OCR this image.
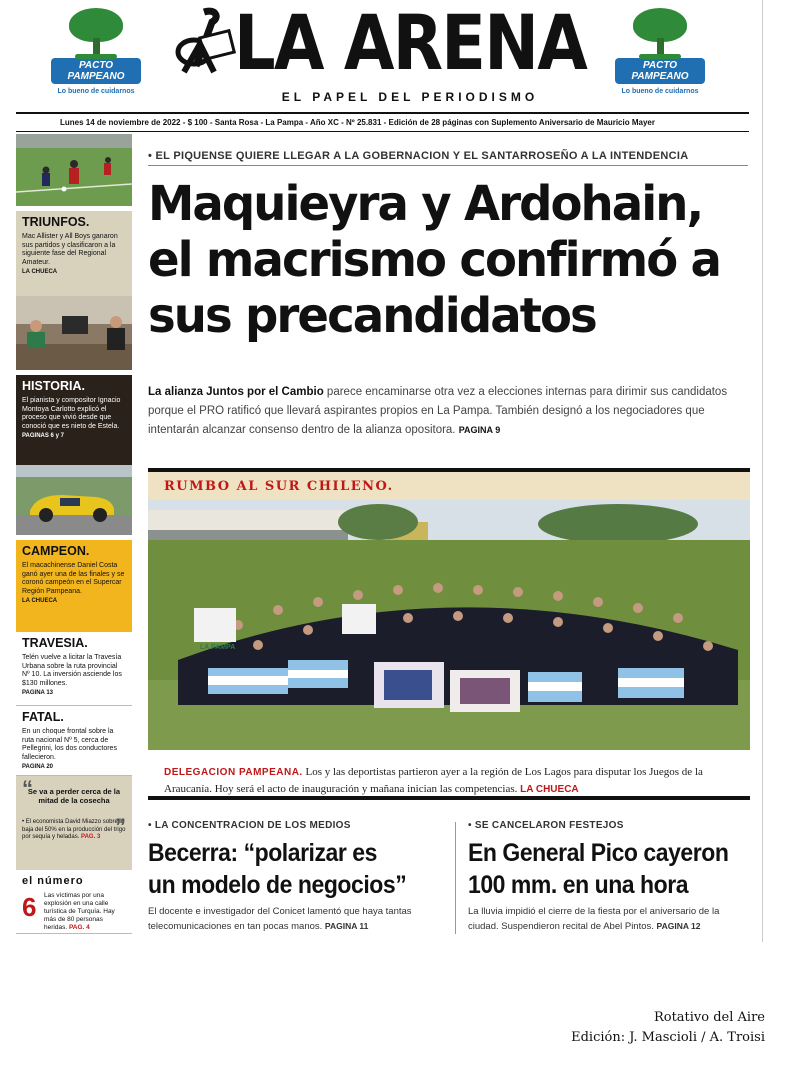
PACTO PAMPEANO
Lo bueno de cuidarnos
PACTO PAMPEANO
Lo bueno de cuidarnos
LA ARENA
EL PAPEL DEL PERIODISMO
Lunes 14 de noviembre de 2022 - $ 100 - Santa Rosa - La Pampa - Año XC - Nº 25.831 - Edición de 28 páginas con Suplemento Aniversario de Mauricio Mayer
TRIUNFOS.

Mac Allister y All Boys ganaron sus partidos y clasificaron a la siguiente fase del Regional Amateur.

LA CHUECA
HISTORIA.

El pianista y compositor Ignacio Montoya Carlotto explicó el proceso que vivió desde que conoció que es nieto de Estela.

PAGINAS 6 y 7
CAMPEON.

El macachinense Daniel Costa ganó ayer una de las finales y se coronó campeón en el Supercar Región Pampeana.

LA CHUECA
TRAVESIA.

Telén vuelve a licitar la Travesía Urbana sobre la ruta provincial Nº 10. La inversión asciende los $130 millones.

PAGINA 13
FATAL.

En un choque frontal sobre la ruta nacional Nº 5, cerca de Pellegrini, los dos conductores fallecieron.

PAGINA 20
“

Se va a perder cerca de la mitad de la cosecha

”

• El economista David Miazzo sobre la baja del 50% en la producción del trigo por sequía y heladas. PAG. 3

el número
6 Las víctimas por una explosión en una calle turística de Turquía. Hay más de 80 personas heridas. PAG. 4

• EL PIQUENSE QUIERE LLEGAR A LA GOBERNACION Y EL SANTARROSEÑO A LA INTENDENCIA
Maquieyra y Ardohain, el macrismo confirmó a sus precandidatos

La alianza Juntos por el Cambio parece encaminarse otra vez a elecciones internas para dirimir sus candidatos porque el PRO ratificó que llevará aspirantes propios en La Pampa. También designó a los negociadores que intentarán alcanzar consenso dentro de la alianza opositora. PAGINA 9

RUMBO AL SUR CHILENO.
LA PAMPA

DELEGACION PAMPEANA. Los y las deportistas partieron ayer a la región de Los Lagos para disputar los Juegos de la Araucanía. Hoy será el acto de inauguración y mañana inician las competencias. LA CHUECA

• LA CONCENTRACION DE LOS MEDIOS
Becerra: “polarizar es
un modelo de negocios”

El docente e investigador del Conicet lamentó que haya tantas telecomunicaciones en tan pocas manos. PAGINA 11

• SE CANCELARON FESTEJOS
En General Pico cayeron
100 mm. en una hora

La lluvia impidió el cierre de la fiesta por el aniversario de la ciudad. Suspendieron recital de Abel Pintos. PAGINA 12

Rotativo del Aire
Edición: J. Mascioli / A. Troisi
